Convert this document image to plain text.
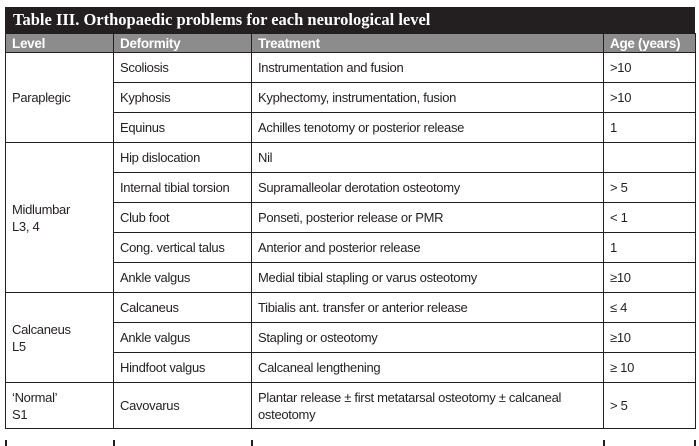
Table III. Orthopaedic problems for each neurological level
Level	Deformity	Treatment	Age (years)

Paraplegic	Scoliosis	Instrumentation and fusion	>10
	Kyphosis	Kyphectomy, instrumentation, fusion	>10
	Equinus	Achilles tenotomy or posterior release	1

Midlumbar
L3, 4	Hip dislocation	Nil	
	Internal tibial torsion	Supramalleolar derotation osteotomy	> 5
	Club foot	Ponseti, posterior release or PMR	< 1
	Cong. vertical talus	Anterior and posterior release	1
	Ankle valgus	Medial tibial stapling or varus osteotomy	≥10

Calcaneus
L5	Calcaneus	Tibialis ant. transfer or anterior release	≤ 4
	Ankle valgus	Stapling or osteotomy	≥10
	Hindfoot valgus	Calcaneal lengthening	≥ 10

‘Normal’
S1	Cavovarus	Plantar release ± first metatarsal osteotomy ± calcaneal osteotomy	> 5
